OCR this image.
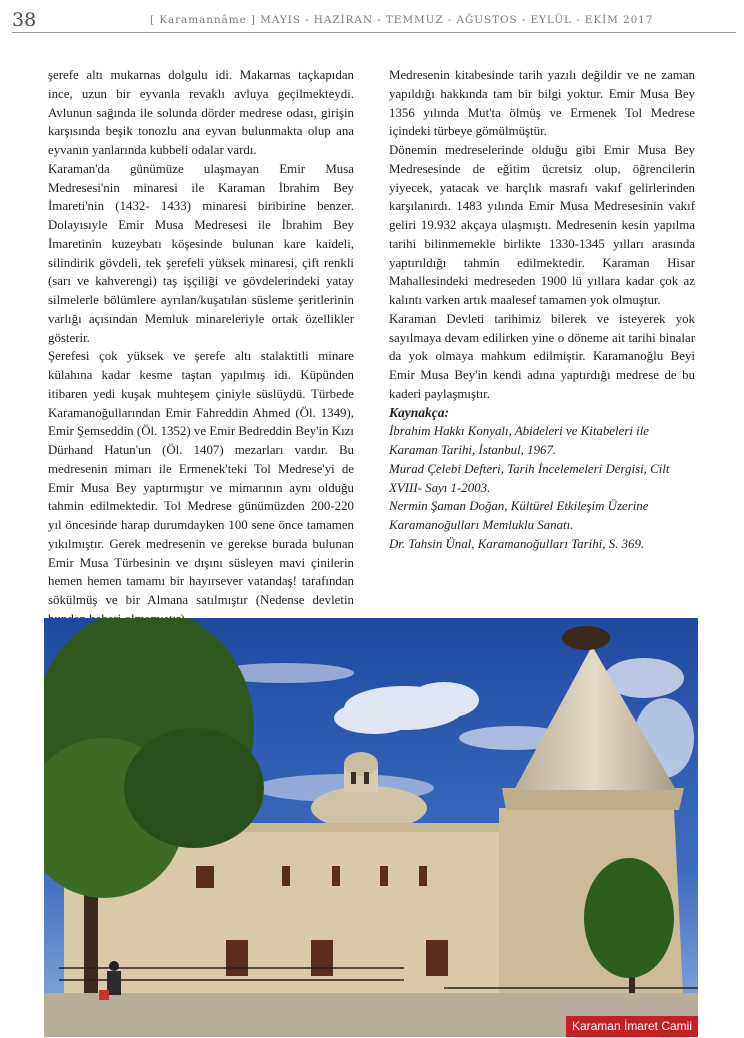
38	[ Karamannâme ] MAYIS - HAZİRAN - TEMMUZ - AĞUSTOS - EYLÜL - EKİM 2017

şerefe altı mukarnas dolgulu idi. Makarnas taçkapıdan ince, uzun bir eyvanla revaklı avluya geçilmekteydi. Avlunun sağında ile solunda dörder medrese odası, girişin karşısında beşik tonozlu ana eyvan bulunmakta olup ana eyvanın yanlarında kubbeli odalar vardı.

Karaman'da günümüze ulaşmayan Emir Musa Medresesi'nin minaresi ile Karaman İbrahim Bey İmareti'nin (1432- 1433) minaresi biribirine benzer. Dolayısıyle Emir Musa Medresesi ile İbrahim Bey İmaretinin kuzeybatı köşesinde bulunan kare kaideli, silindirik gövdeli, tek şerefeli yüksek minaresi, çift renkli (sarı ve kahverengi) taş işçiliği ve gövdelerindeki yatay silmelerle bölümlere ayrılan/kuşatılan süsleme şeritlerinin varlığı açısından Memluk minareleriyle ortak özellikler gösterir.

Şerefesi çok yüksek ve şerefe altı stalaktitli minare külahına kadar kesme taştan yapılmış idi. Küpünden itibaren yedi kuşak muhteşem çiniyle süslüydü. Türbede Karamanoğullarından Emir Fahreddin Ahmed (Öl. 1349), Emir Şemseddin (Öl. 1352) ve Emir Bedreddin Bey'in Kızı Dürhand Hatun'un (Öl. 1407) mezarları vardır. Bu medresenin mimarı ile Ermenek'teki Tol Medrese'yi de Emir Musa Bey yaptırmıştır ve mimarının aynı olduğu tahmin edilmektedir. Tol Medrese günümüzden 200-220 yıl öncesinde harap durumdayken 100 sene önce tamamen yıkılmıştır. Gerek medresenin ve gerekse burada bulunan Emir Musa Türbesinin ve dışını süsleyen mavi çinilerin hemen hemen tamamı bir hayırsever vatandaş! tarafından sökülmüş ve bir Almana satılmıştır (Nedense devletin

Medresenin kitabesinde tarih yazılı değildir ve ne zaman yapıldığı hakkında tam bir bilgi yoktur. Emir Musa Bey 1356 yılında Mut'ta ölmüş ve Ermenek Tol Medrese içindeki türbeye gömülmüştür.

Dönemin medreselerinde olduğu gibi Emir Musa Bey Medresesinde de eğitim ücretsiz olup, öğrencilerin yiyecek, yatacak ve harçlık masrafı vakıf gelirlerinden karşılanırdı. 1483 yılında Emir Musa Medresesinin vakıf geliri 19.932 akçaya ulaşmıştı. Medresenin kesin yapılma tarihi bilinmemekle birlikte 1330-1345 yılları arasında yaptırıldığı tahmin edilmektedir. Karaman Hisar Mahallesindeki medreseden 1900 lü yıllara kadar çok az kalıntı varken artık maalesef tamamen yok olmuştur.

Karaman Devleti tarihimiz bilerek ve isteyerek yok sayılmaya devam edilirken yine o döneme ait tarihi binalar da yok olmaya mahkum edilmiştir. Karamanoğlu Beyi Emir Musa Bey'in kendi adına yaptırdığı medrese de bu kaderi paylaşmıştır.

Kaynakça:

İbrahim Hakkı Konyalı, Abideleri ve Kitabeleri ile Karaman Tarihi, İstanbul, 1967.

Murad Çelebi Defteri, Tarih İncelemeleri Dergisi, Cilt XVIII- Sayı 1-2003.

Nermin Şaman Doğan, Kültürel Etkileşim Üzerine Karamanoğulları Memluklu Sanatı.

Dr. Tahsin Ünal, Karamanoğulları Tarihi, S. 369.

Karaman İmaret Camii
